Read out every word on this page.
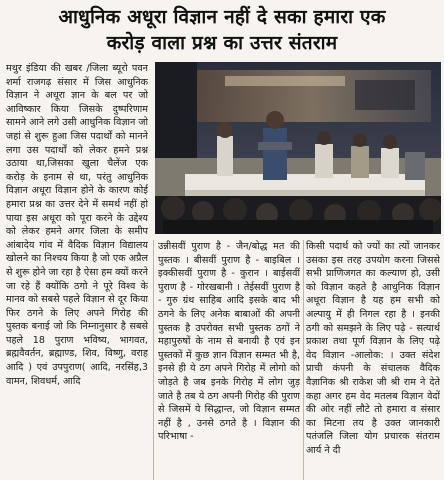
आधुनिक अधूरा विज्ञान नहीं दे सका हमारा एक
करोड़ वाला प्रश्न का उत्तर संतराम

मथुर इंडिया की खबर /जिला ब्यूरो पवन शर्मा राजगढ़ संसार में जिस आधुनिक विज्ञान ने अधूरा ज्ञान के बल पर जो आविष्कार किया जिसके दुष्परिणाम सामने आने लगे उसी आधुनिक विज्ञान जो जहां से शुरू हुआ जिस पदार्थों को मानने लगा उस पदार्थों को लेकर हमने प्रश्न उठाया था,जिसका खुला चैलेंज एक करोड़ के इनाम से था, परंतु आधुनिक विज्ञान अधूरा विज्ञान होने के कारण कोई हमारा प्रश्न का उत्तर देने में समर्थ नहीं हो पाया इस अधूरा को पूरा करने के उद्देश्य को लेकर हमने अगर जिला के समीप आंबादेय गांव में वैदिक विज्ञान विद्यालय खोलने का निश्चय किया है जो एक अप्रैल से शुरू होने जा रहा है ऐसा हम क्यों करने जा रहे हैं क्योंकि ठगो ने पूरे विश्व के मानव को सबसे पहले विज्ञान से दूर किया फिर ठगने के लिए अपने गिरोह की पुस्तक बनाई जो कि निम्नानुसार है सबसे पहले 18 पुराण भविष्य, भागवत, ब्रह्मवैवर्तन, ब्रह्माण्ड, शिव, विष्णु, वराह आदि ) एवं उपपुराण( आदि, नरसिंह,3 वामन, शिवधर्म, आदि

उन्नीसवीं पुराण है - जैन/बोद्ध मत की पुस्तक । बीसवीं पुराण है - बाइबिल । इक्कीसवीं पुराण है - कुरान । बाईसवीं पुराण है - गोरखबानी । तेईसवीं पुराण है - गुरु ग्रंथ साहिब आदि इसके बाद भी ठगने के लिए अनेक बाबाओं की अपनी पुस्तक है उपरोक्त सभी पुस्तक ठगों ने महापुरुषों के नाम से बनायी है एवं इन पुस्तकों में कुछ ज्ञान विज्ञान सम्मत भी है, इनसे ही ये ठग अपने गिरोह में लोगो को जोड़ते है जब इनके गिरोह में लोग जुड़ जाते है तब ये ठग अपनी गिरोह की पुराण से जिसमें ये सिद्धान्त, जो विज्ञान सम्मत नहीं है , उनसे ठगते है । विज्ञान की परिभाषा -

किसी पदार्थ को ज्यों का त्यों जानकर उसका इस तरह उपयोग करना जिससे सभी प्राणिजगत का कल्याण हो, उसी को विज्ञान कहते है आधुनिक विज्ञान अधूरा विज्ञान है यह हम सभी को अल्पायु में ही निगल रहा है । इनकी ठगी को समझने के लिए पढ़े - सत्यार्थ प्रकाश तथा पूर्ण विज्ञान के लिए पढ़े वेद विज्ञान -आलोक: । उक्त संदेश प्राची कंपनी के संचालक वैदिक वैज्ञानिक श्री राकेश जी श्री राम ने देते कहा अगर हम वेद मतलब विज्ञान वेदों की ओर नहीं लौटे तो हमारा व संसार का मिटना तय है उक्त जानकारी पतंजलि जिला योग प्रचारक संतराम आर्य ने दी
